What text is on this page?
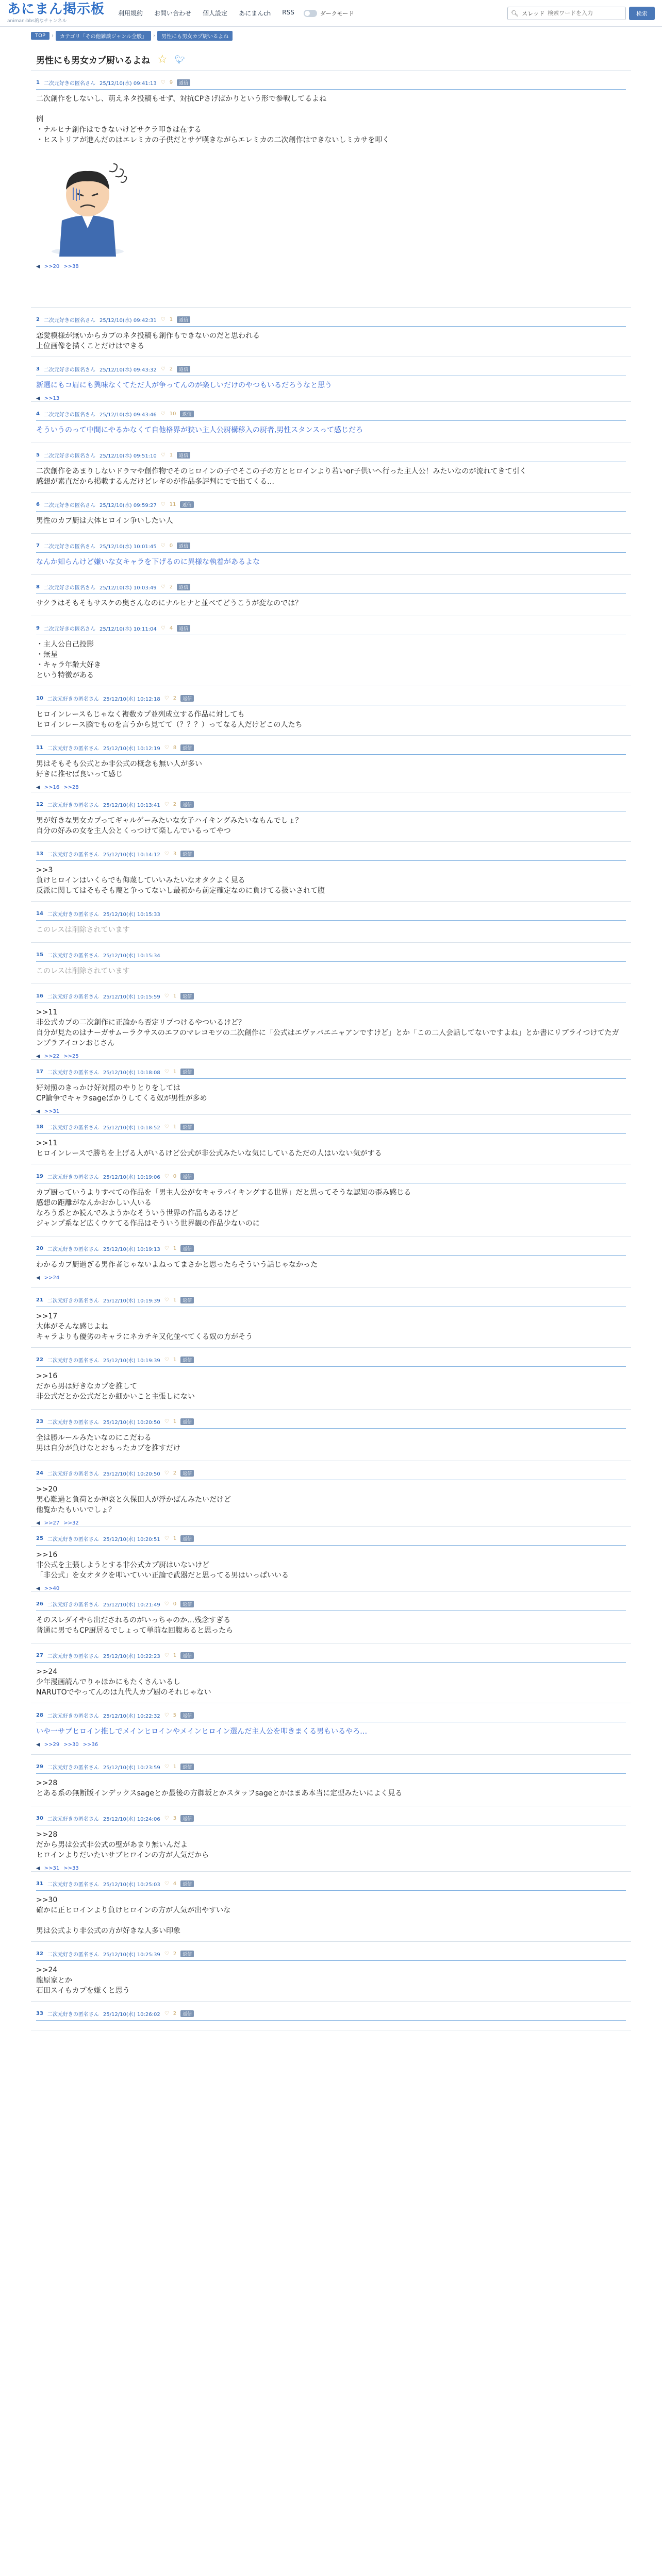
あにまん掲示板
animan-bbs的なチャンネル
利用規約 お問い合わせ 個人設定 あにまんch RSS	ダークモード	🔍︎ スレッド
検索ワードを入力	検索
TOP	›	カテゴリ「その他雑談ジャンル全般」	›	男性にも男女カプ厨いるよね
男性にも男女カプ厨いるよね ☆ 🐦︎
1 二次元好きの匿名さん 25/12/10(水) 09:41:13 ♡ 9	返信
二次創作をしないし、萌えネタ投稿もせず、対抗CPさげばかりという形で参戦してるよね

例
・ナルヒナ創作はできないけどサクラ叩きは在する
・ヒストリアが進んだのはエレミカの子供だとサゲ嘆きながらエレミカの二次創作はできないしミカサを叩く
◀ >>20 >>38
2 二次元好きの匿名さん 25/12/10(水) 09:42:31 ♡ 1	返信
恋愛模様が無いからカプのネタ投稿も創作もできないのだと思われる
上位画像を描くことだけはできる
3 二次元好きの匿名さん 25/12/10(水) 09:43:32 ♡ 2	返信
新選にもコ眉にも興味なくてただ人が争ってんのが楽しいだけのやつもいるだろうなと思う
◀ >>13
4 二次元好きの匿名さん 25/12/10(水) 09:43:46 ♡ 10	返信
そういうのって中間にやるかなくて自他格界が狭い主人公厨構移入の厨者,男性スタンスって感じだろ
5 二次元好きの匿名さん 25/12/10(水) 09:51:10 ♡ 1	返信
二次創作をあまりしないドラマや創作物でそのヒロインの子でそこの子の方とヒロインより若いor子供いへ行った主人公！みたいなのが流れてきて引く
感想が素直だから掲載するんだけどレギのが作品多評判にでで出てくる…
6 二次元好きの匿名さん 25/12/10(水) 09:59:27 ♡ 11	返信
男性のカプ厨は大体ヒロイン争いしたい人
7 二次元好きの匿名さん 25/12/10(水) 10:01:45 ♡ 0	返信
なんか知らんけど嫌いな女キャラを下げるのに異様な執着があるよな
8 二次元好きの匿名さん 25/12/10(水) 10:03:49 ♡ 2	返信
サクラはそもそもサスケの奥さんなのにナルヒナと並べてどうこうが変なのでは？
9 二次元好きの匿名さん 25/12/10(水) 10:11:04 ♡ 4	返信
・主人公自己投影
・無星
・キャラ年齢大好き
という特徴がある
10 二次元好きの匿名さん 25/12/10(水) 10:12:18 ♡ 2	返信
ヒロインレースもじゃなく複数カプ並列成立する作品に対しても
ヒロインレース脳でものを言うから見てて（？？？）ってなる人だけどこの人たち
11 二次元好きの匿名さん 25/12/10(水) 10:12:19 ♡ 8	返信
男はそもそも公式とか非公式の概念も無い人が多い
好きに推せば良いって感じ
◀ >>16 >>28
12 二次元好きの匿名さん 25/12/10(水) 10:13:41 ♡ 2	返信
男が好きな男女カプってギャルゲーみたいな女子ハイキングみたいなもんでしょ？
自分の好みの女を主人公とくっつけて楽しんでいるってやつ
13 二次元好きの匿名さん 25/12/10(水) 10:14:12 ♡ 3	返信
>>3
負けヒロインはいくらでも侮蔑していいみたいなオタクよく見る
反派に関してはそもそも蔑と争ってないし最初から前定確定なのに負けてる扱いされて腹
14 二次元好きの匿名さん 25/12/10(水) 10:15:33
このレスは削除されています
15 二次元好きの匿名さん 25/12/10(水) 10:15:34
このレスは削除されています
16 二次元好きの匿名さん 25/12/10(水) 10:15:59 ♡ 1	返信
>>11
非公式カプの二次創作に正論から否定リプつけるやついるけど？
自分が見たのはナーガサムーラクサスのエフのマレコモツの二次創作に「公式はエヴァバエニャアンですけど」とか「この二人会話してないですよね」とか書にリプライつけてたガンプラアイコンおじさん
◀ >>22 >>25
17 二次元好きの匿名さん 25/12/10(水) 10:18:08 ♡ 1	返信
好対照のきっかけ好対照のやりとりをしては
CP論争でキャラsageばかりしてくる奴が男性が多め
◀ >>31
18 二次元好きの匿名さん 25/12/10(水) 10:18:52 ♡ 1	返信
>>11
ヒロインレースで勝ちを上げる人がいるけど公式が非公式みたいな気にしているただの人はいない気がする
19 二次元好きの匿名さん 25/12/10(水) 10:19:06 ♡ 0	返信
カプ厨っていうよりすべての作品を「男主人公が女キャラパイキングする世界」だと思ってそうな認知の歪み感じる
感想の距離がなんかおかしい人いる
なろう系とか読んでみようかなそういう世界の作品もあるけど
ジャンプ系など広くウケてる作品はそういう世界観の作品少ないのに
20 二次元好きの匿名さん 25/12/10(水) 10:19:13 ♡ 1	返信
わかるカプ厨過ぎる男作者じゃないよねってまさかと思ったらそういう話じゃなかった
◀ >>24
21 二次元好きの匿名さん 25/12/10(水) 10:19:39 ♡ 1	返信
>>17
大体がそんな感じよね
キャラよりも優劣のキャラにネカチキ又化並べてくる奴の方がそう
22 二次元好きの匿名さん 25/12/10(水) 10:19:39 ♡ 1	返信
>>16
だから男は好きなカプを推して
非公式だとか公式だとか細かいこと主張しにない
23 二次元好きの匿名さん 25/12/10(水) 10:20:50 ♡ 1	返信
全は勝ルールみたいなのにこだわる
男は自分が負けなとおもったカプを推すだけ
24 二次元好きの匿名さん 25/12/10(水) 10:20:50 ♡ 2	返信
>>20
男心難過と負荷とか神哀と久保田人が浮かばんみたいだけど
他覧かたもいいでしょ？
◀ >>27 >>32
25 二次元好きの匿名さん 25/12/10(水) 10:20:51 ♡ 1	返信
>>16
非公式を主張しようとする非公式カプ厨はいないけど
「非公式」を女オタクを叩いていい正論で武器だと思ってる男はいっぱいいる
◀ >>40
26 二次元好きの匿名さん 25/12/10(水) 10:21:49 ♡ 0	返信
そのスレダイやら出だされるのがいっちゃのか…残念すぎる
普通に男でもCP厨居るでしょって単前な回腹あると思ったら
27 二次元好きの匿名さん 25/12/10(水) 10:22:23 ♡ 1	返信
>>24
少年漫画読んでりゃほかにもたくさんいるし
NARUTOでやってんのは九代人カプ厨のそれじゃない
28 二次元好きの匿名さん 25/12/10(水) 10:22:32 ♡ 5	返信
いや一サブヒロイン推しでメインヒロインやメインヒロイン選んだ主人公を叩きまくる男もいるやろ…
◀ >>29 >>30 >>36
29 二次元好きの匿名さん 25/12/10(水) 10:23:59 ♡ 1	返信
>>28
とある系の無断版インデックスsageとか最後の方御坂とかスタッフsageとかはまあ本当に定型みたいによく見る
30 二次元好きの匿名さん 25/12/10(水) 10:24:06 ♡ 3	返信
>>28
だから男は公式非公式の壁があまり無いんだよ
ヒロインよりだいたいサブヒロインの方が人気だから
◀ >>31 >>33
31 二次元好きの匿名さん 25/12/10(水) 10:25:03 ♡ 4	返信
>>30
確かに正ヒロインより負けヒロインの方が人気が出やすいな

男は公式より非公式の方が好きな人多い印象
32 二次元好きの匿名さん 25/12/10(水) 10:25:39 ♡ 2	返信
>>24
龍原家とか
石田スイもカプを嫌くと思う
33 二次元好きの匿名さん 25/12/10(水) 10:26:02 ♡ 2	返信
